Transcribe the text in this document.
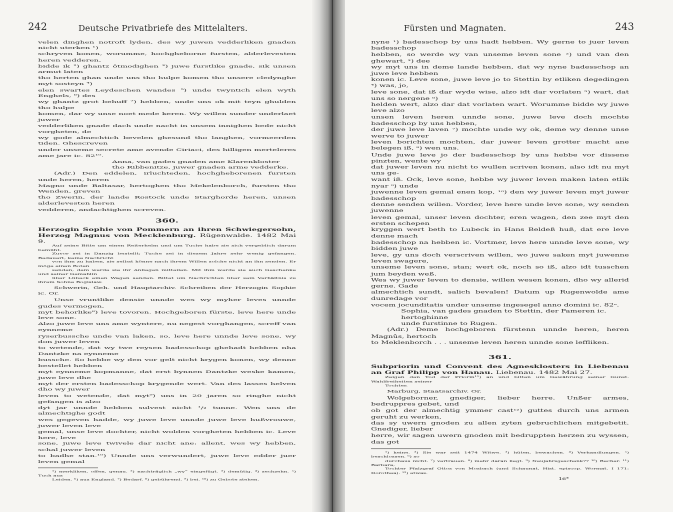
242	Deutsche Privatbriefe des Mittelalters.

velen dinghen notroft lyden, des wy juwen vedderliken gnaden nicht uterken ¹)

schryven konen, worumme, hochgheborne fursten, alderlevesten heren vedderen,

bidde ik ²) ghantz ôtmodighen ³) juwe furstlike gnade, sik unsen armut laten

tho herten ghan unde uns tho hulpe komen tho unsere cledynghe myt sosteyn ⁴)

elen swartes Leydeschen wandes ⁵) unde twyntich elen wyth Enghels, ⁶) des

wy ghantz grot behuff ⁷) hebben, unde uns ok mit teyn ghulden tho hulpe

komen, dar wy unse noet mede keren. Wy willen sunder underlaet juwer

vedderliken gnade dach unde nacht in unsem innighen bede nicht vorgheten, de

wy gode almechtich bevelen ghesund tho langhen, vormeerden tiden. Ghescreven

under unseme secrete ame avende Ciriaci, des hilligen merteleres ame jare ic. 82¹⁰.

Anna, van gades gnaden ame Klarenkloster

tho Ribbenitze, juwer gnaden arme vedderke.

(Adr.) Den eddelen, irluchteden, hochgheborenen fursten unde heren, heren

Magno unde Baltasar, hertoghen tho Mekelenborch, fursten tho Wenden, greven

tho Zwerin, der lande Rostock unde Starghorde heren, unsen alderlevesten heren

vedderen, andachtighen screven.

360.
Herzogin Sophie von Pommern an ihren Schwiegersohn, Herzog Magnus von Mecklenburg. Rügenwalde. 1482 Mai 9.

Auf seine Bitte um einen Reiterhelm und um Tuche habe sie sich vergeblich darum bemüht.

Zuvor sei in Danzig bestellt; Tuche sei in diesem Jahre sehr wenig gefangen. Bedauert, keine Nachricht

von ihm zu haben, sie selbst könne nach ihrem Willen solche nicht an ihn senden. Er möge einen Boten

senden, dem werde sie ihr Anliegen mitteilen. Mit ihm werde sie auch Geschenke und seiner Gemahlin

über Lübeck einen Wagen senden. Bittet um Nachrichten über sein Verhältnis zu ihrem Sohne Bogislaw.

Schwerin, Geh. und Hauptarchiv. Schreiben der Herzogin Sophie ic. Or.

Unse vruntlike densie unnde wes wy myher leves unnde gudes vermogen,

myt behorlike⁸) leve tovoren. Hochgeboren fürste, leve here unde leve sone.

Alzo juwe leve uns ame wyntere, nu negest vorghangen, screff van eynneme

ryserbussche unde van laken, so, leve here unnde leve sone, wy don juwer leven

to wetende, dat wy twe reysen badesschop ghehadt hebben nha Dantzke na eynneme

bussche. So hebbe wy den vor gelt nicht krygen konen, wy denne bestellet hebben

myt eynneme kopmanne, dat erst bynnen Dantzke weske kamen, juwe leve dhe

myt der ersten badesschop krygende wert. Van des lasses helven dho wy juwer

leven to wetende, dat myt⁹) uns in 20 jaren so ringhe nicht gefangen is alzo

dyt jar unnde hebben sulvest nicht ¹/₂ tunne. Wen uns de almechtighe godt

wes gegeven hadde, wy juwe leve unnde juwe leve hußvrouwe, juwer leven leve

gemal, unse leve dochter, nicht wolden vorgheten hebben ic. Leve here, leve

sone, juwe leve twivele dar nicht ane: allent, wes wy hebben, schal juwer leven

to badhe stan.¹⁰) Unnde uns verwundert, juwe leve edder juer leven gemal

¹) merkliken, offen, genau. ²) nachträglich „wy“ eingefügt. ³) demütig. ⁴) sechzehn. ⁵) Tuch aus

Leiden. ⁶) aus England. ⁷) Bedarf. ⁸) gebührend. ⁹) bei. ¹⁰) zu Gebote stehen.

Fürsten und Magnaten.	243

nyne ¹) badesschop by uns hadt hebben. Wy gerne to juer leven badesschop

hebben, so werde wy van unseme leven sone ²) und van den ghewart, ³) dee

wy myt uns in deme lande hebben, dat wy nyne badesschop an juwe leve hebben

konen ic. Leve sone, juwe leve jo to Stettin by etliken degedingen ⁴) was, jo,

leve sone, dat iß dar wyde wise, alzo idt dar vorlaten ⁵) wart, dat uns so nergene ⁶)

helden wert, alzo dar dat vorlaten wart. Worumme bidde wy juwe leve alzo

unsen leven heren unnde sone, juwe leve doch mochte badesschop by uns hebben,

der juwe leve laven ⁷) mochte unde wy ok, deme wy denne unse werve to juwer

leven borichten mochten, dar juwer leven grotter macht ane belegen iß, ⁸) wen uns.

Unde juwe leve jo der badesschop by uns hebbe vor dissene pinzten, wente wy

dat juwer leven nu nicht to wullen scriven konen, also idt nu myt uns ge-

want iß. Ock, leve sone, hebbe wy juwer leven maken laten etlik nyar ⁹) unde

juwenne leven gemal enen kop, ¹⁰) den wy juwer leven myt juwer badesschop

denne senden willen. Vorder, leve here unde leve sone, wy senden juwenne

leven gemal, unser leven dochter, eren wagen, den zee myt den ersten schepen

kryggen wert beth to Lubeck in Hans Beldeß huß, dat ere leve denne mach

badesschop na hebben ic. Vortmer, leve here unnde leve sone, wy bidden juwe

leve, gy uns doch verscriven willen, wo juwe saken myt juwenne leven swagere,

unseme leven sone, stan; wert ok, noch so iß, alzo idt tusschen jum beyden weß.

Wes wy juwer leven to densie, willen wesen konen, dho wy allerid gerne. Gade

almechtich sundt, salich bevalen! Datum up Rugenwolde ame dunredage vor

vocem jocunditatis under unseme ingesegel anno domini ic. 82ᵒ.

Sophia, van gades gnaden to Stettin, der Pameren ic. hertoghinne

unde furstinne to Rugen.

(Adr.) Deme hochgeboren fürstenn unnde heren, heren Magnůs, hertoch

to Meklenborch . . . unseme leven heren unnde sone leffliken.

361.
Subpriorin und Convent des Agnesklosters in Liebenau an Graf Philipp von Hanau. Liebenau. 1482 Mai 27.

Zeigen den Tod der Priorin¹¹) an und bitten um Gewährung seiner Gunst. Wahlfreiheiten seiner

Tochter.

Marburg, Staatsarchiv. Or.

Wolgeborner, gnediger, lieber herre. Unßer armes, bedruppres gebet, und

ob got der almechtig ymmer cast¹²) guttes durch uns armen geruht zu werken,

das sy uwern gnoden zu allen zyten gebruchlichen mitgebetit. Gnediger, lieber

herre, wir sagen uwern gnoden mit bedruppten herzen zu wyssen, das got

¹) keine. ²) Sie war seit 1474 Witwe. ³) hüten, bewachen. ⁴) Verhandlungen. ⁵) beschlossen. ⁶) so

durchaus nicht. ⁷) vertrauen. ⁸) mehr daran liegt. ⁹) Neujahrsgeschenk?? ¹⁰) Becher. ¹¹) Barbara,

Tochter Pfalzgraf Ottos von Mosbach (und Schaunat, Hist. episcop. Wormat. I 171: Dorothea). ¹²) etwas.

16*
